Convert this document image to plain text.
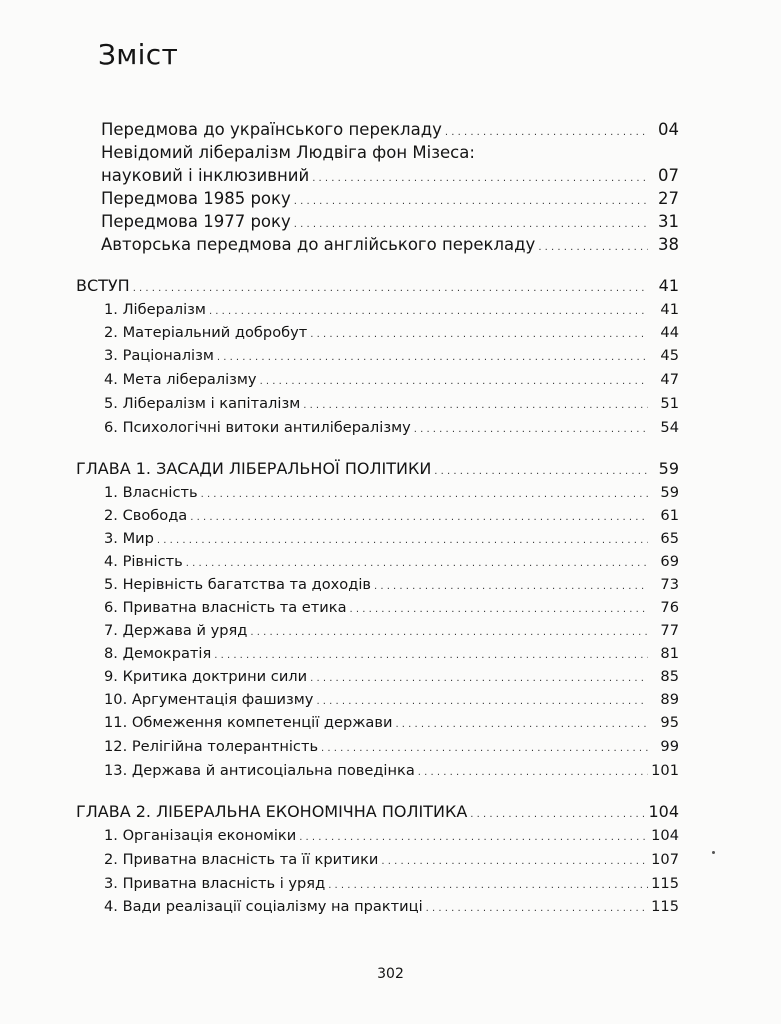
Зміст
Передмова до українського перекладу . . .	04
Невідомий лібералізм Людвіга фон Мізеса:
науковий і інклюзивний . . .	07
Передмова 1985 року . . .	27
Передмова 1977 року . . .	31
Авторська передмова до англійського перекладу . . .	38
ВСТУП . . .	41
1. Лібералізм . . .	41
2. Матеріальний добробут . . .	44
3. Раціоналізм . . .	45
4. Мета лібералізму . . .	47
5. Лібералізм і капіталізм . . .	51
6. Психологічні витоки антилібералізму . . .	54
ГЛАВА 1. ЗАСАДИ ЛІБЕРАЛЬНОЇ ПОЛІТИКИ . . .	59
1. Власність . . .	59
2. Свобода . . .	61
3. Мир . . .	65
4. Рівність . . .	69
5. Нерівність багатства та доходів . . .	73
6. Приватна власність та етика . . .	76
7. Держава й уряд . . .	77
8. Демократія . . .	81
9. Критика доктрини сили . . .	85
10. Аргументація фашизму . . .	89
11. Обмеження компетенції держави . . .	95
12. Релігійна толерантність . . .	99
13. Держава й антисоціальна поведінка . . .	101
ГЛАВА 2. ЛІБЕРАЛЬНА ЕКОНОМІЧНА ПОЛІТИКА . . .	104
1. Організація економіки . . .	104
2. Приватна власність та її критики . . .	107
3. Приватна власність і уряд . . .	115
4. Вади реалізації соціалізму на практиці . . .	115
302
